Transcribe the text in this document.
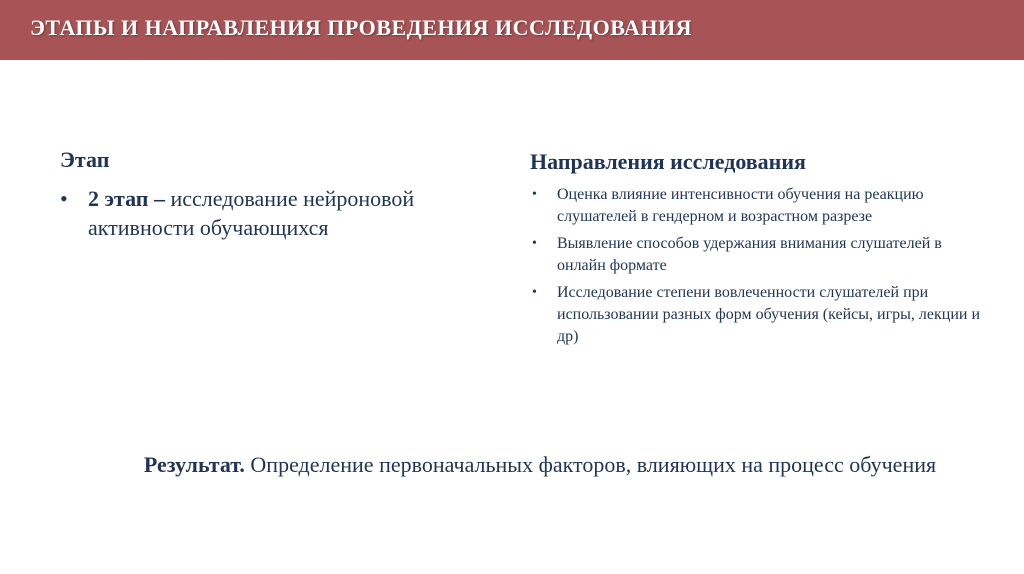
ЭТАПЫ И НАПРАВЛЕНИЯ ПРОВЕДЕНИЯ ИССЛЕДОВАНИЯ
Этап
• 2 этап – исследование нейроновой активности обучающихся
Направления исследования
• Оценка влияние интенсивности обучения на реакцию слушателей в гендерном и возрастном разрезе
• Выявление способов удержания внимания слушателей в онлайн формате
• Исследование степени вовлеченности слушателей при использовании разных форм обучения (кейсы, игры, лекции и др)
Результат. Определение первоначальных факторов, влияющих на процесс обучения
